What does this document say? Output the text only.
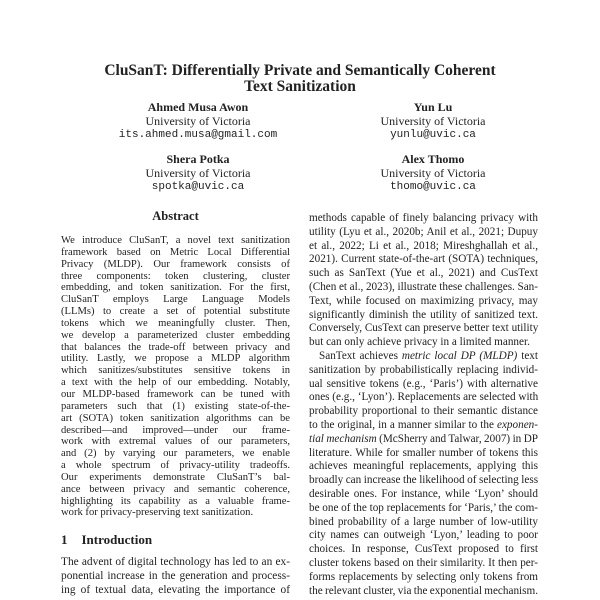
CluSanT: Differentially Private and Semantically Coherent
Text Sanitization
Ahmed Musa Awon
University of Victoria
its.ahmed.musa@gmail.com
Yun Lu
University of Victoria
yunlu@uvic.ca
Shera Potka
University of Victoria
spotka@uvic.ca
Alex Thomo
University of Victoria
thomo@uvic.ca
Abstract
We introduce CluSanT, a novel text sanitization
framework based on Metric Local Differential
Privacy (MLDP). Our framework consists of
three components: token clustering, cluster
embedding, and token sanitization. For the first,
CluSanT employs Large Language Models
(LLMs) to create a set of potential substitute
tokens which we meaningfully cluster. Then,
we develop a parameterized cluster embedding
that balances the trade-off between privacy and
utility. Lastly, we propose a MLDP algorithm
which sanitizes/substitutes sensitive tokens in
a text with the help of our embedding. Notably,
our MLDP-based framework can be tuned with
parameters such that (1) existing state-of-the-
art (SOTA) token sanitization algorithms can be
described—and improved—under our frame-
work with extremal values of our parameters,
and (2) by varying our parameters, we enable
a whole spectrum of privacy-utility tradeoffs.
Our experiments demonstrate CluSanT’s bal-
ance between privacy and semantic coherence,
highlighting its capability as a valuable frame-
work for privacy-preserving text sanitization.
1 Introduction
The advent of digital technology has led to an ex-
ponential increase in the generation and process-
ing of textual data, elevating the importance of
methods capable of finely balancing privacy with
utility (Lyu et al., 2020b; Anil et al., 2021; Dupuy
et al., 2022; Li et al., 2018; Mireshghallah et al.,
2021). Current state-of-the-art (SOTA) techniques,
such as SanText (Yue et al., 2021) and CusText
(Chen et al., 2023), illustrate these challenges. San-
Text, while focused on maximizing privacy, may
significantly diminish the utility of sanitized text.
Conversely, CusText can preserve better text utility
but can only achieve privacy in a limited manner.
SanText achieves metric local DP (MLDP) text
sanitization by probabilistically replacing individ-
ual sensitive tokens (e.g., ‘Paris’) with alternative
ones (e.g., ‘Lyon’). Replacements are selected with
probability proportional to their semantic distance
to the original, in a manner similar to the exponen-
tial mechanism (McSherry and Talwar, 2007) in DP
literature. While for smaller number of tokens this
achieves meaningful replacements, applying this
broadly can increase the likelihood of selecting less
desirable ones. For instance, while ‘Lyon’ should
be one of the top replacements for ‘Paris,’ the com-
bined probability of a large number of low-utility
city names can outweigh ‘Lyon,’ leading to poor
choices. In response, CusText proposed to first
cluster tokens based on their similarity. It then per-
forms replacements by selecting only tokens from
the relevant cluster, via the exponential mechanism.
